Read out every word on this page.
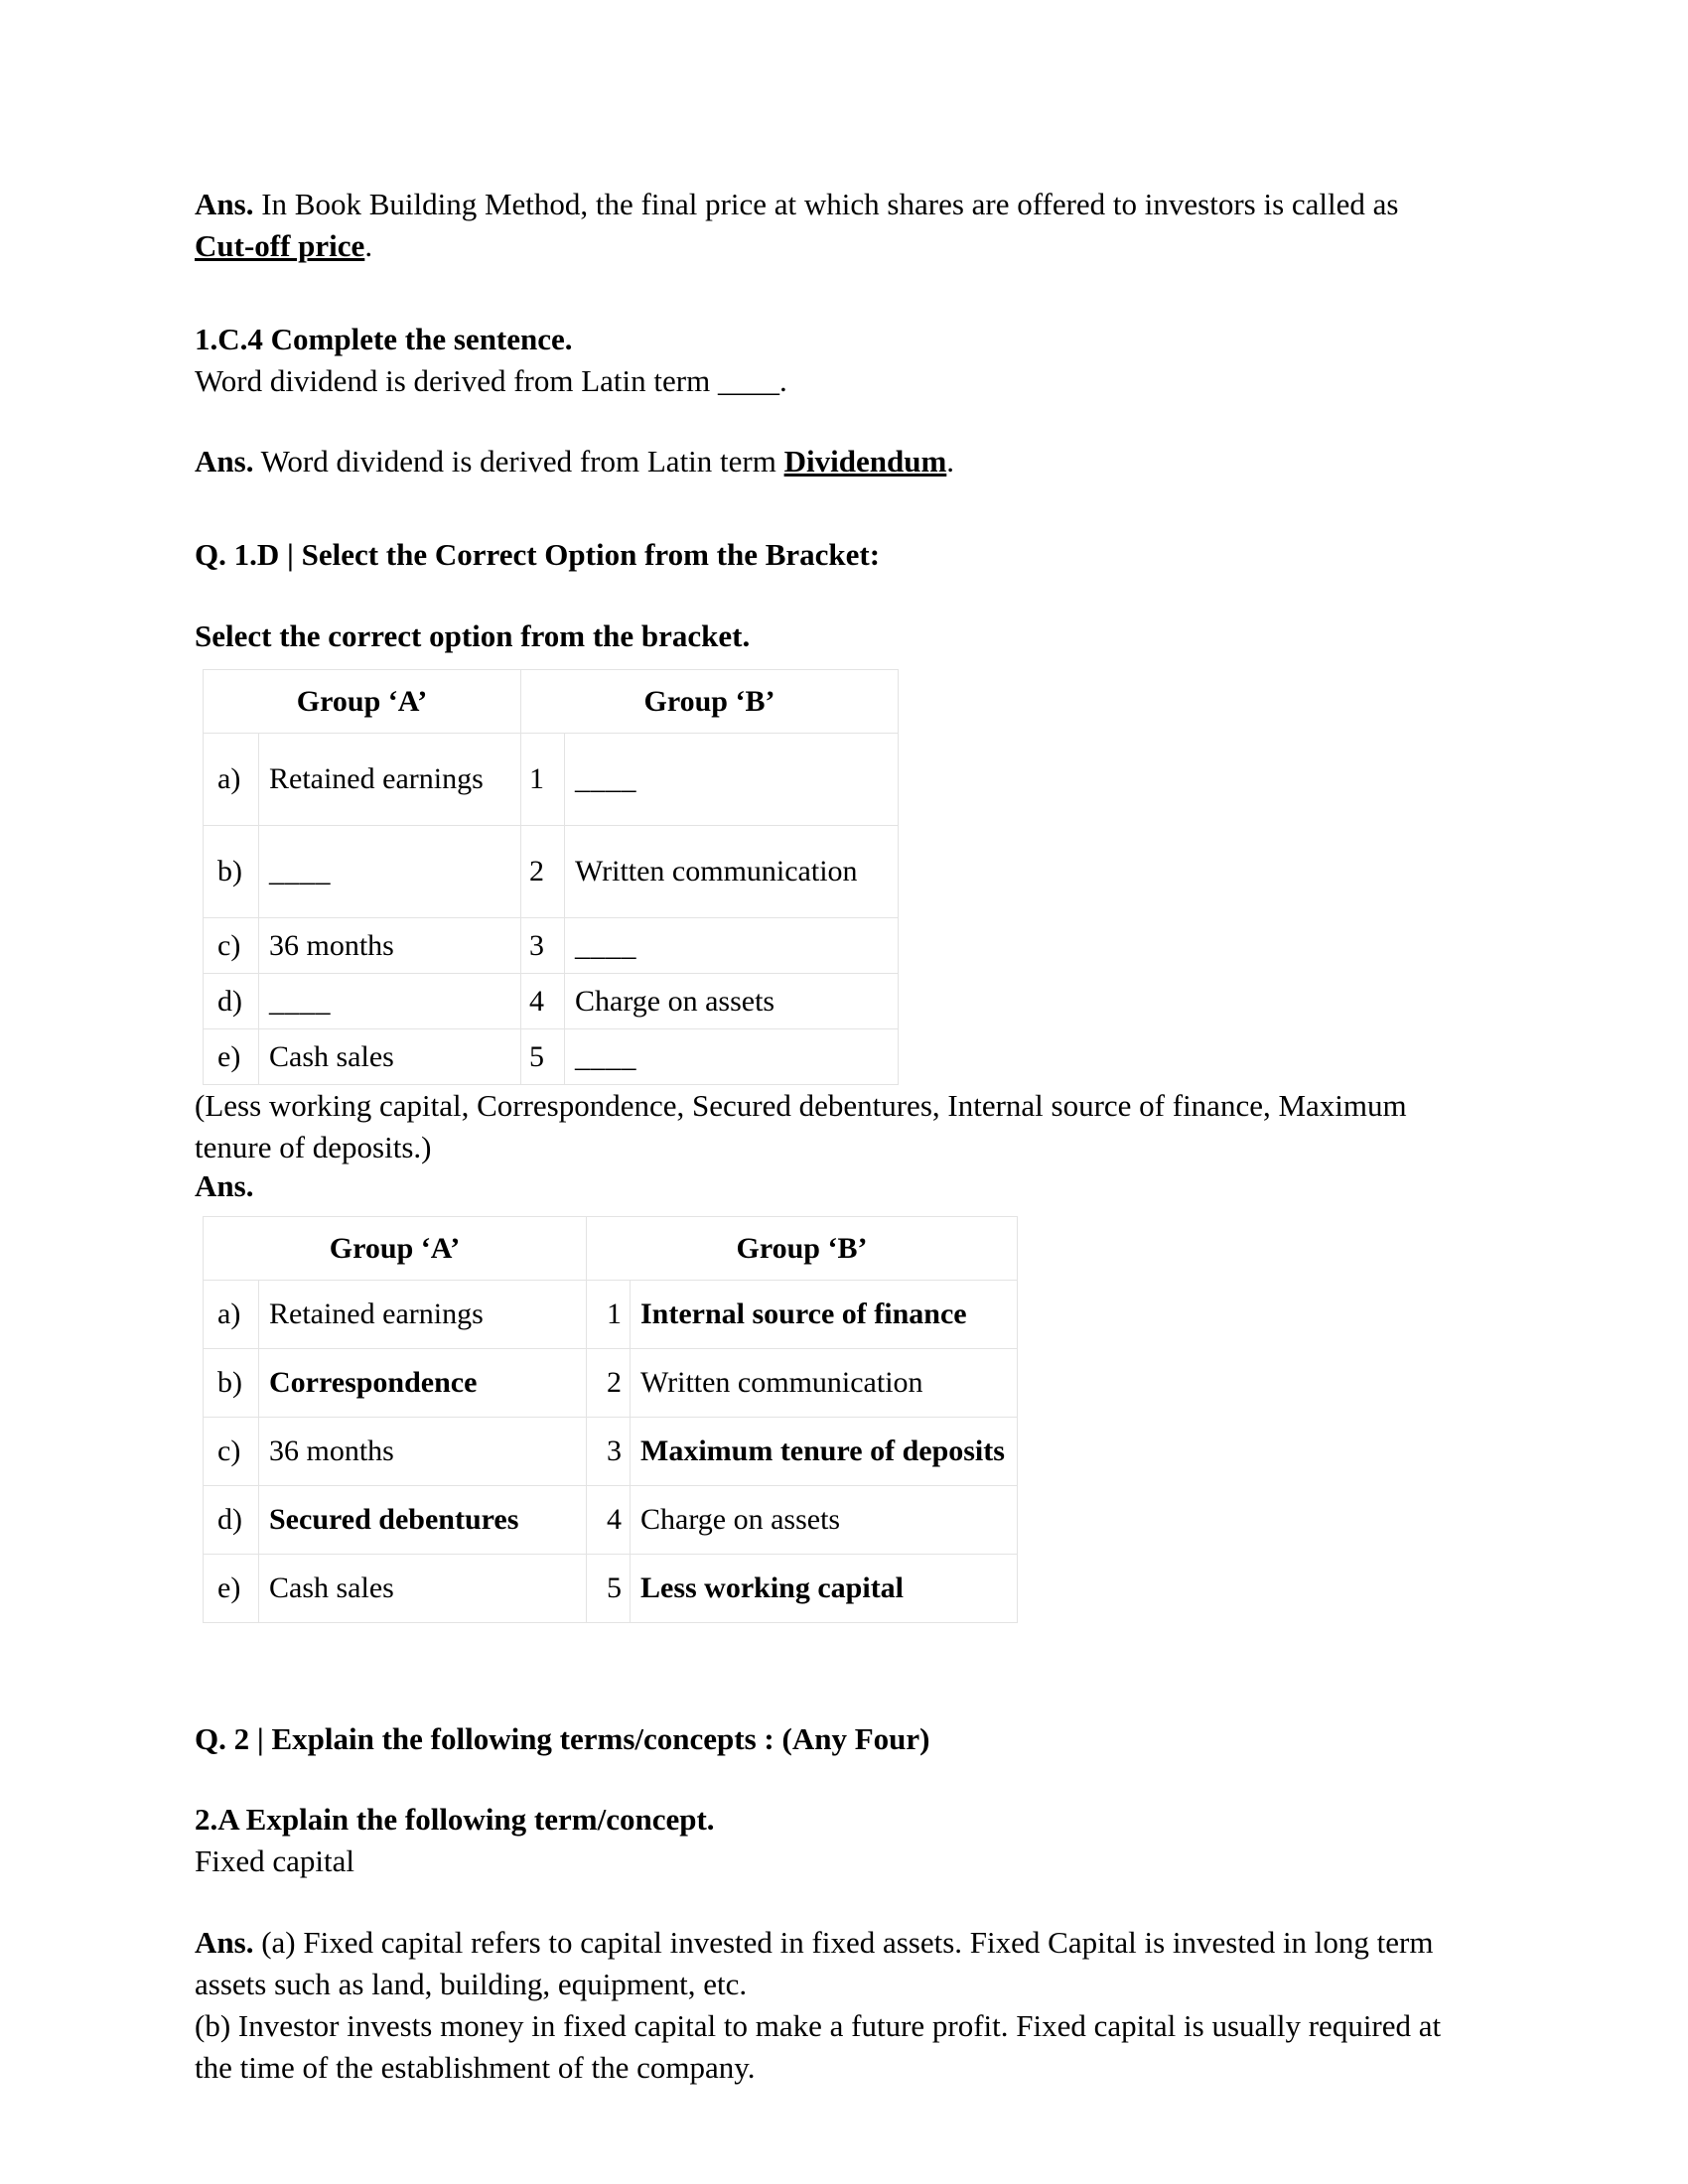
Ans. In Book Building Method, the final price at which shares are offered to investors is called as Cut-off price.
1.C.4 Complete the sentence.
Word dividend is derived from Latin term ____.
Ans. Word dividend is derived from Latin term Dividendum.
Q. 1.D | Select the Correct Option from the Bracket:
Select the correct option from the bracket.
Group ‘A’		Group ‘B’	
a)	Retained earnings	1	____
b)	____	2	Written communication
c)	36 months	3	____
d)	____	4	Charge on assets
e)	Cash sales	5	____
(Less working capital, Correspondence, Secured debentures, Internal source of finance, Maximum tenure of deposits.)
Ans.
Group ‘A’		Group ‘B’	
a)	Retained earnings	1	Internal source of finance
b)	Correspondence	2	Written communication
c)	36 months	3	Maximum tenure of deposits
d)	Secured debentures	4	Charge on assets
e)	Cash sales	5	Less working capital
Q. 2 | Explain the following terms/concepts : (Any Four)
2.A Explain the following term/concept.
Fixed capital
Ans. (a) Fixed capital refers to capital invested in fixed assets. Fixed Capital is invested in long term assets such as land, building, equipment, etc.
(b) Investor invests money in fixed capital to make a future profit. Fixed capital is usually required at the time of the establishment of the company.
